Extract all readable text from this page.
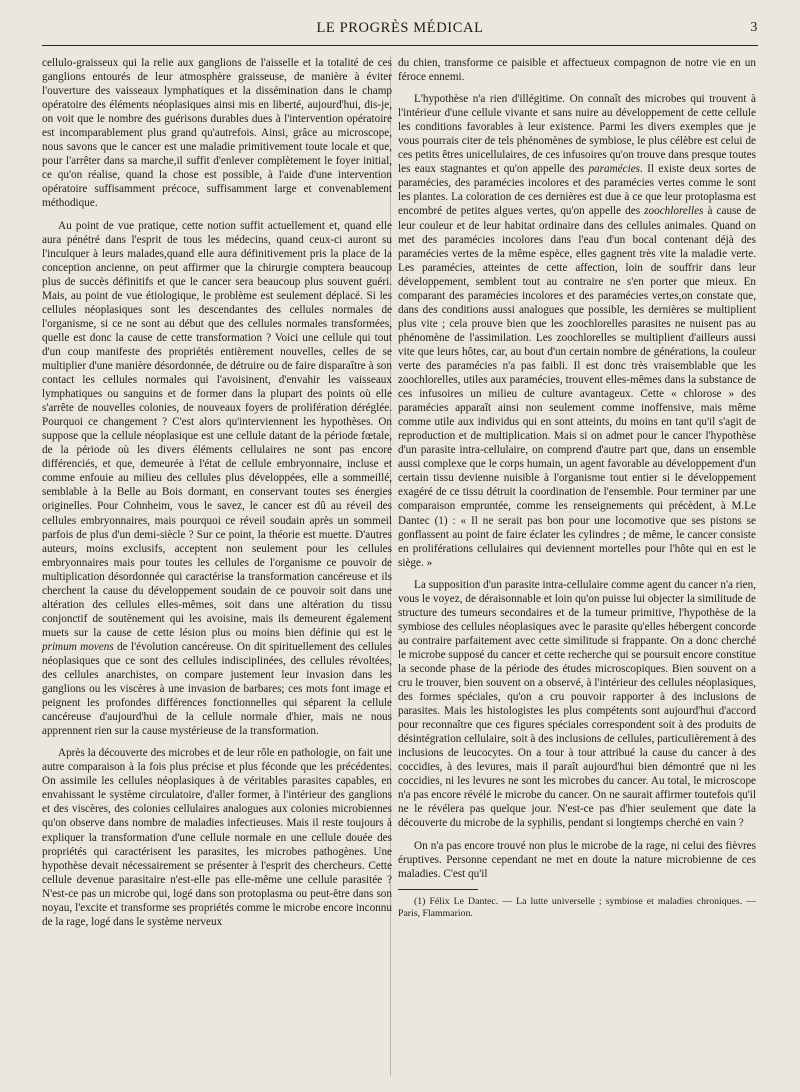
LE PROGRÈS MÉDICAL	3

cellulo-graisseux qui la relie aux ganglions de l'aisselle et la totalité de ces ganglions entourés de leur atmosphère graisseuse, de manière à éviter l'ouverture des vaisseaux lymphatiques et la dissémination dans le champ opératoire des éléments néoplasiques ainsi mis en liberté, aujourd'hui, dis-je, on voit que le nombre des guérisons durables dues à l'intervention opératoire est incomparablement plus grand qu'autrefois. Ainsi, grâce au microscope, nous savons que le cancer est une maladie primitivement toute locale et que, pour l'arrêter dans sa marche,il suffit d'enlever complètement le foyer initial, ce qu'on réalise, quand la chose est possible, à l'aide d'une intervention opératoire suffisamment précoce, suffisamment large et convenablement méthodique.

Au point de vue pratique, cette notion suffit actuellement et, quand elle aura pénétré dans l'esprit de tous les médecins, quand ceux-ci auront su l'inculquer à leurs malades,quand elle aura définitivement pris la place de la conception ancienne, on peut affirmer que la chirurgie comptera beaucoup plus de succès définitifs et que le cancer sera beaucoup plus souvent guéri. Mais, au point de vue étiologique, le problème est seulement déplacé. Si les cellules néoplasiques sont les descendantes des cellules normales de l'organisme, si ce ne sont au début que des cellules normales transformées, quelle est donc la cause de cette transformation ? Voici une cellule qui tout d'un coup manifeste des propriétés entièrement nouvelles, celles de se multiplier d'une manière désordonnée, de détruire ou de faire disparaître à son contact les cellules normales qui l'avoisinent, d'envahir les vaisseaux lymphatiques ou sanguins et de former dans la plupart des points où elle s'arrête de nouvelles colonies, de nouveaux foyers de prolifération déréglée. Pourquoi ce changement ? C'est alors qu'interviennent les hypothèses. On suppose que la cellule néoplasique est une cellule datant de la période fœtale, de la période où les divers éléments cellulaires ne sont pas encore différenciés, et que, demeurée à l'état de cellule embryonnaire, incluse et comme enfouie au milieu des cellules plus développées, elle a sommeillé, semblable à la Belle au Bois dormant, en conservant toutes ses énergies originelles. Pour Cohnheim, vous le savez, le cancer est dû au réveil des cellules embryonnaires, mais pourquoi ce réveil soudain après un sommeil parfois de plus d'un demi-siècle ? Sur ce point, la théorie est muette. D'autres auteurs, moins exclusifs, acceptent non seulement pour les cellules embryonnaires mais pour toutes les cellules de l'organisme ce pouvoir de multiplication désordonnée qui caractérise la transformation cancéreuse et ils cherchent la cause du développement soudain de ce pouvoir soit dans une altération des cellules elles-mêmes, soit dans une altération du tissu conjonctif de soutènement qui les avoisine, mais ils demeurent également muets sur la cause de cette lésion plus ou moins bien définie qui est le primum movens de l'évolution cancéreuse. On dit spirituellement des cellules néoplasiques que ce sont des cellules indisciplinées, des cellules révoltées, des cellules anarchistes, on compare justement leur invasion dans les ganglions ou les viscères à une invasion de barbares; ces mots font image et peignent les profondes différences fonctionnelles qui séparent la cellule cancéreuse d'aujourd'hui de la cellule normale d'hier, mais ne nous apprennent rien sur la cause mystérieuse de la transformation.

Après la découverte des microbes et de leur rôle en pathologie, on fait une autre comparaison à la fois plus précise et plus féconde que les précédentes. On assimile les cellules néoplasiques à de véritables parasites capables, en envahissant le système circulatoire, d'aller former, à l'intérieur des ganglions et des viscères, des colonies cellulaires analogues aux colonies microbiennes qu'on observe dans nombre de maladies infectieuses. Mais il reste toujours à expliquer la transformation d'une cellule normale en une cellule douée des propriétés qui caractérisent les parasites, les microbes pathogènes. Une hypothèse devait nécessairement se présenter à l'esprit des chercheurs. Cette cellule devenue parasitaire n'est-elle pas elle-même une cellule parasitée ? N'est-ce pas un microbe qui, logé dans son protoplasma ou peut-être dans son noyau, l'excite et transforme ses propriétés comme le microbe encore inconnu de la rage, logé dans le système nerveux

du chien, transforme ce paisible et affectueux compagnon de notre vie en un féroce ennemi.

L'hypothèse n'a rien d'illégitime. On connaît des microbes qui trouvent à l'intérieur d'une cellule vivante et sans nuire au développement de cette cellule les conditions favorables à leur existence. Parmi les divers exemples que je vous pourrais citer de tels phénomènes de symbiose, le plus célèbre est celui de ces petits êtres unicellulaires, de ces infusoires qu'on trouve dans presque toutes les eaux stagnantes et qu'on appelle des paramécies. Il existe deux sortes de paramécies, des paramécies incolores et des paramécies vertes comme le sont les plantes. La coloration de ces dernières est due à ce que leur protoplasma est encombré de petites algues vertes, qu'on appelle des zoochlorelles à cause de leur couleur et de leur habitat ordinaire dans des cellules animales. Quand on met des paramécies incolores dans l'eau d'un bocal contenant déjà des paramécies vertes de la même espèce, elles gagnent très vite la maladie verte. Les paramécies, atteintes de cette affection, loin de souffrir dans leur développement, semblent tout au contraire ne s'en porter que mieux. En comparant des paramécies incolores et des paramécies vertes,on constate que, dans des conditions aussi analogues que possible, les dernières se multiplient plus vite ; cela prouve bien que les zoochlorelles parasites ne nuisent pas au phénomène de l'assimilation. Les zoochlorelles se multiplient d'ailleurs aussi vite que leurs hôtes, car, au bout d'un certain nombre de générations, la couleur verte des paramécies n'a pas faibli. Il est donc très vraisemblable que les zoochlorelles, utiles aux paramécies, trouvent elles-mêmes dans la substance de ces infusoires un milieu de culture avantageux. Cette « chlorose » des paramécies apparaît ainsi non seulement comme inoffensive, mais même comme utile aux individus qui en sont atteints, du moins en tant qu'il s'agit de reproduction et de multiplication. Mais si on admet pour le cancer l'hypothèse d'un parasite intra-cellulaire, on comprend d'autre part que, dans un ensemble aussi complexe que le corps humain, un agent favorable au développement d'un certain tissu devienne nuisible à l'organisme tout entier si le développement exagéré de ce tissu détruit la coordination de l'ensemble. Pour terminer par une comparaison empruntée, comme les renseignements qui précèdent, à M.Le Dantec (1) : « Il ne serait pas bon pour une locomotive que ses pistons se gonflassent au point de faire éclater les cylindres ; de même, le cancer consiste en proliférations cellulaires qui deviennent mortelles pour l'hôte qui en est le siège. »

La supposition d'un parasite intra-cellulaire comme agent du cancer n'a rien, vous le voyez, de déraisonnable et loin qu'on puisse lui objecter la similitude de structure des tumeurs secondaires et de la tumeur primitive, l'hypothèse de la symbiose des cellules néoplasiques avec le parasite qu'elles hébergent concorde au contraire parfaitement avec cette similitude si frappante. On a donc cherché le microbe supposé du cancer et cette recherche qui se poursuit encore constitue la seconde phase de la période des études microscopiques. Bien souvent on a cru le trouver, bien souvent on a observé, à l'intérieur des cellules néoplasiques, des formes spéciales, qu'on a cru pouvoir rapporter à des inclusions de parasites. Mais les histologistes les plus compétents sont aujourd'hui d'accord pour reconnaître que ces figures spéciales correspondent soit à des produits de désintégration cellulaire, soit à des inclusions de cellules, particulièrement à des inclusions de leucocytes. On a tour à tour attribué la cause du cancer à des coccidies, à des levures, mais il paraît aujourd'hui bien démontré que ni les coccidies, ni les levures ne sont les microbes du cancer. Au total, le microscope n'a pas encore révélé le microbe du cancer. On ne saurait affirmer toutefois qu'il ne le révélera pas quelque jour. N'est-ce pas d'hier seulement que date la découverte du microbe de la syphilis, pendant si longtemps cherché en vain ?

On n'a pas encore trouvé non plus le microbe de la rage, ni celui des fièvres éruptives. Personne cependant ne met en doute la nature microbienne de ces maladies. C'est qu'il

(1) Félix Le Dantec. — La lutte universelle ; symbiose et maladies chroniques. — Paris, Flammarion.
